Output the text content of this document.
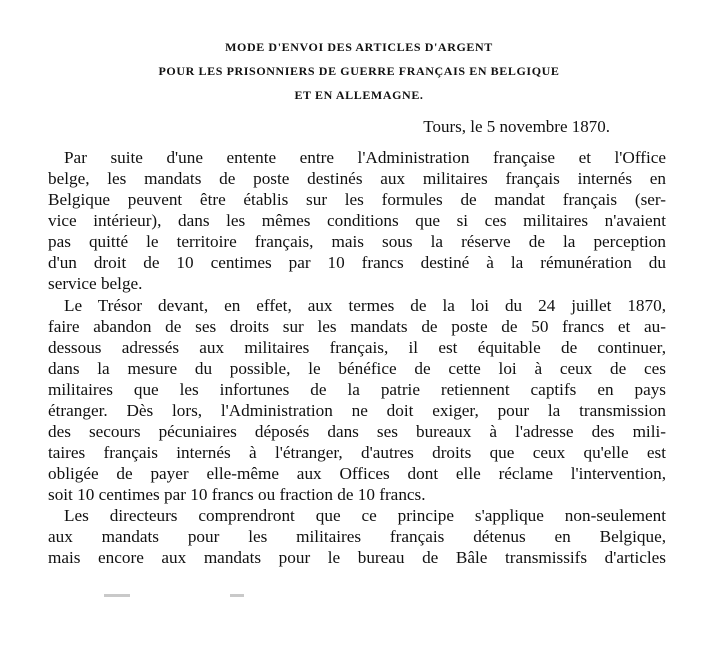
MODE D'ENVOI DES ARTICLES D'ARGENT
POUR LES PRISONNIERS DE GUERRE FRANÇAIS EN BELGIQUE
ET EN ALLEMAGNE.
Tours, le 5 novembre 1870.
Par suite d'une entente entre l'Administration française et l'Office
belge, les mandats de poste destinés aux militaires français internés en
Belgique peuvent être établis sur les formules de mandat français (ser-
vice intérieur), dans les mêmes conditions que si ces militaires n'avaient
pas quitté le territoire français, mais sous la réserve de la perception
d'un droit de 10 centimes par 10 francs destiné à la rémunération du
service belge.
Le Trésor devant, en effet, aux termes de la loi du 24 juillet 1870,
faire abandon de ses droits sur les mandats de poste de 50 francs et au-
dessous adressés aux militaires français, il est équitable de continuer,
dans la mesure du possible, le bénéfice de cette loi à ceux de ces
militaires que les infortunes de la patrie retiennent captifs en pays
étranger. Dès lors, l'Administration ne doit exiger, pour la transmission
des secours pécuniaires déposés dans ses bureaux à l'adresse des mili-
taires français internés à l'étranger, d'autres droits que ceux qu'elle est
obligée de payer elle-même aux Offices dont elle réclame l'intervention,
soit 10 centimes par 10 francs ou fraction de 10 francs.
Les directeurs comprendront que ce principe s'applique non-seulement
aux mandats pour les militaires français détenus en Belgique,
mais encore aux mandats pour le bureau de Bâle transmissifs d'articles
